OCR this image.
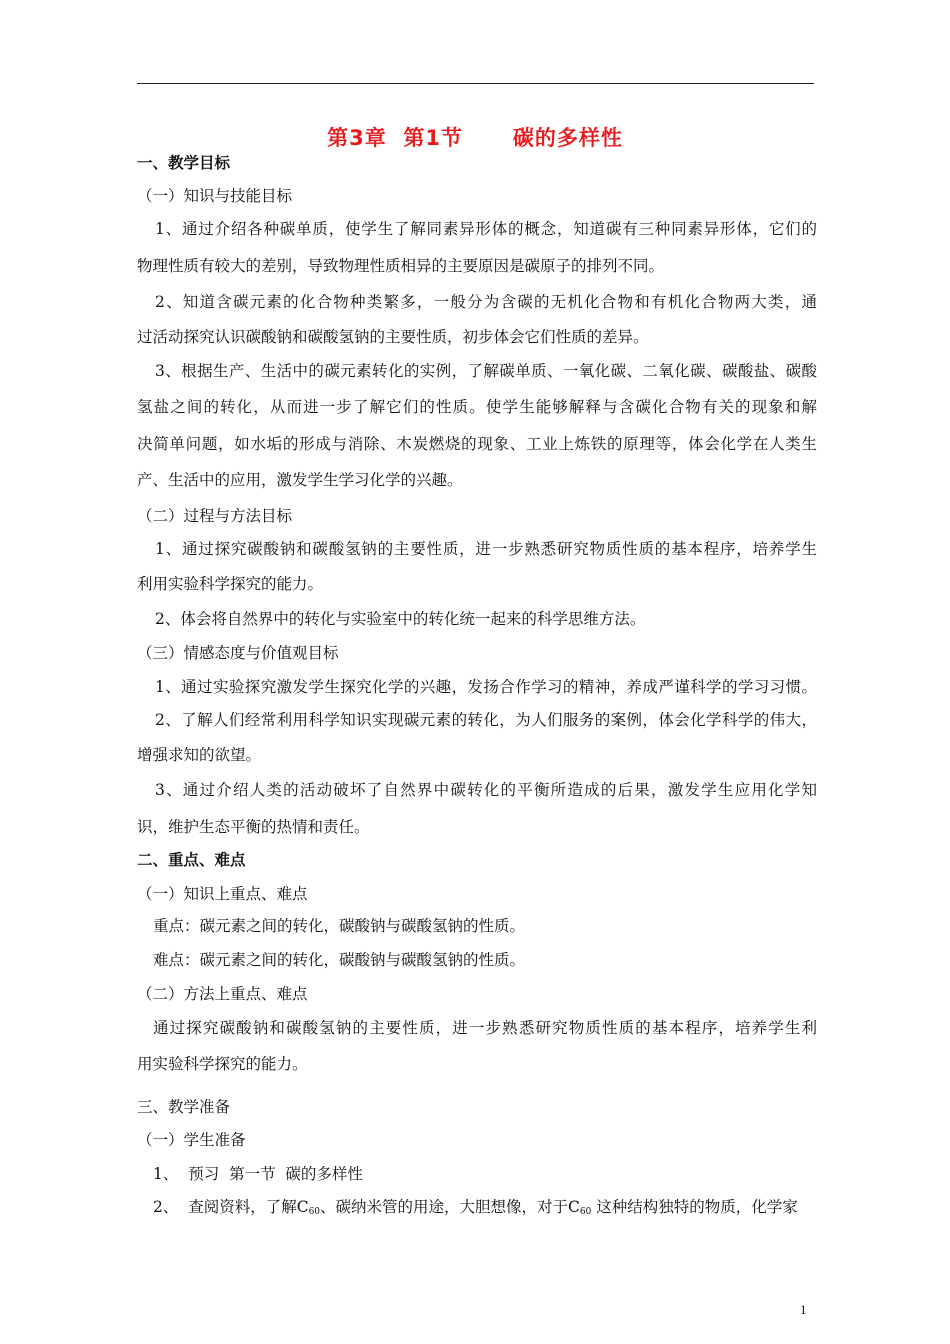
第3章  第1节      碳的多样性
一、教学目标
（一）知识与技能目标
1、通过介绍各种碳单质，使学生了解同素异形体的概念，知道碳有三种同素异形体，它们的
物理性质有较大的差别，导致物理性质相异的主要原因是碳原子的排列不同。
2、知道含碳元素的化合物种类繁多，一般分为含碳的无机化合物和有机化合物两大类，通
过活动探究认识碳酸钠和碳酸氢钠的主要性质，初步体会它们性质的差异。
3、根据生产、生活中的碳元素转化的实例，了解碳单质、一氧化碳、二氧化碳、碳酸盐、碳酸
氢盐之间的转化，从而进一步了解它们的性质。使学生能够解释与含碳化合物有关的现象和解
决简单问题，如水垢的形成与消除、木炭燃烧的现象、工业上炼铁的原理等，体会化学在人类生
产、生活中的应用，激发学生学习化学的兴趣。
（二）过程与方法目标
1、通过探究碳酸钠和碳酸氢钠的主要性质，进一步熟悉研究物质性质的基本程序，培养学生
利用实验科学探究的能力。
2、体会将自然界中的转化与实验室中的转化统一起来的科学思维方法。
（三）情感态度与价值观目标
1、通过实验探究激发学生探究化学的兴趣，发扬合作学习的精神，养成严谨科学的学习习惯。
2、了解人们经常利用科学知识实现碳元素的转化，为人们服务的案例，体会化学科学的伟大，
增强求知的欲望。
3、通过介绍人类的活动破坏了自然界中碳转化的平衡所造成的后果，激发学生应用化学知
识，维护生态平衡的热情和责任。
二、重点、难点
（一）知识上重点、难点
重点：碳元素之间的转化，碳酸钠与碳酸氢钠的性质。
难点：碳元素之间的转化，碳酸钠与碳酸氢钠的性质。
（二）方法上重点、难点
通过探究碳酸钠和碳酸氢钠的主要性质，进一步熟悉研究物质性质的基本程序，培养学生利
用实验科学探究的能力。
三、教学准备
（一）学生准备
1、  预习  第一节  碳的多样性
2、  查阅资料，了解$C_{60}$、碳纳米管的用途，大胆想像，对于$C_{60}$ 这种结构独特的物质，化学家
1
